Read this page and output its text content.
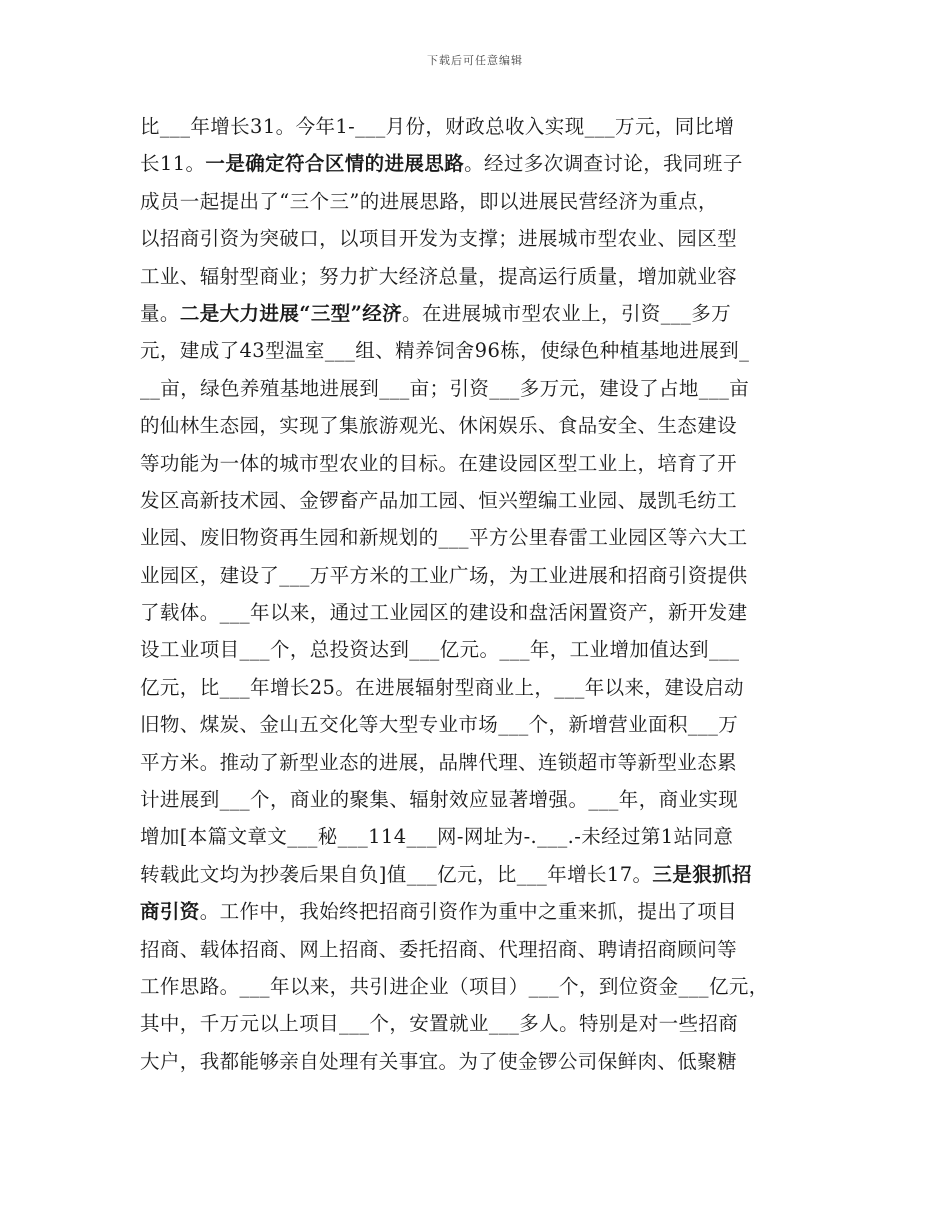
下载后可任意编辑
比___年增长31。今年1-___月份，财政总收入实现___万元，同比增
长11。一是确定符合区情的进展思路。经过多次调查讨论，我同班子
成员一起提出了“三个三”的进展思路，即以进展民营经济为重点，
以招商引资为突破口，以项目开发为支撑；进展城市型农业、园区型
工业、辐射型商业；努力扩大经济总量，提高运行质量，增加就业容
量。二是大力进展“三型”经济。在进展城市型农业上，引资___多万
元，建成了43型温室___组、精养饲舍96栋，使绿色种植基地进展到_
__亩，绿色养殖基地进展到___亩；引资___多万元，建设了占地___亩
的仙林生态园，实现了集旅游观光、休闲娱乐、食品安全、生态建设
等功能为一体的城市型农业的目标。在建设园区型工业上，培育了开
发区高新技术园、金锣畜产品加工园、恒兴塑编工业园、晟凯毛纺工
业园、废旧物资再生园和新规划的___平方公里春雷工业园区等六大工
业园区，建设了___万平方米的工业广场，为工业进展和招商引资提供
了载体。___年以来，通过工业园区的建设和盘活闲置资产，新开发建
设工业项目___个，总投资达到___亿元。___年，工业增加值达到___
亿元，比___年增长25。在进展辐射型商业上，___年以来，建设启动
旧物、煤炭、金山五交化等大型专业市场___个，新增营业面积___万
平方米。推动了新型业态的进展，品牌代理、连锁超市等新型业态累
计进展到___个，商业的聚集、辐射效应显著增强。___年，商业实现
增加[本篇文章文___秘___114___网-网址为-.___.-未经过第1站同意
转载此文均为抄袭后果自负]值___亿元，比___年增长17。三是狠抓招
商引资。工作中，我始终把招商引资作为重中之重来抓，提出了项目
招商、载体招商、网上招商、委托招商、代理招商、聘请招商顾问等
工作思路。___年以来，共引进企业（项目）___个，到位资金___亿元，
其中，千万元以上项目___个，安置就业___多人。特别是对一些招商
大户，我都能够亲自处理有关事宜。为了使金锣公司保鲜肉、低聚糖
